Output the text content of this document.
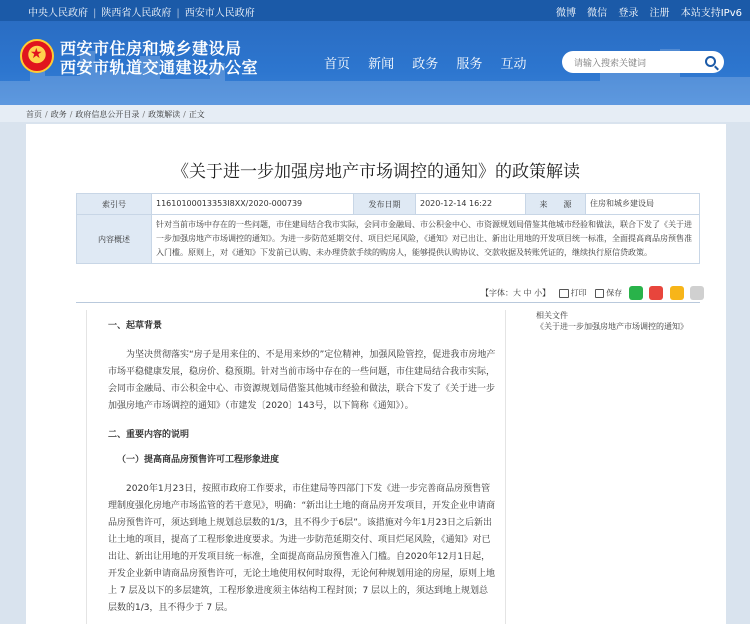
中央人民政府 | 陕西省人民政府 | 西安市人民政府	微博 微信 登录 注册 本站支持IPv6
★
西安市住房和城乡建设局
西安市轨道交通建设办公室	首页 新闻 政务 服务 互动
请输入搜索关键词
首页 / 政务 / 政府信息公开目录 / 政策解读 / 正文
《关于进一步加强房地产市场调控的通知》的政策解读
索引号	11610100013353I8XX/2020-000739	发布日期	2020-12-14 16:22	来　　源	住房和城乡建设局
内容概述	针对当前市场中存在的一些问题，市住建局结合我市实际，会同市金融局、市公积金中心、市资源规划局借鉴其他城市经验和做法，联合下发了《关于进一步加强房地产市场调控的通知》。为进一步防范延期交付、项目烂尾风险，《通知》对已出让、新出让用地的开发项目统一标准，全面提高商品房预售准入门槛。原则上，对《通知》下发前已认购、未办理贷款手续的购房人，能够提供认购协议、交款收据及转账凭证的，继续执行原信贷政策。				
【字体：大 中 小】	打印 保存
相关文件
《关于进一步加强房地产市场调控的通知》

一、起草背景

为坚决贯彻落实“房子是用来住的、不是用来炒的”定位精神，加强风险管控，促进我市房地产市场平稳健康发展，稳房价、稳预期。针对当前市场中存在的一些问题，市住建局结合我市实际，会同市金融局、市公积金中心、市资源规划局借鉴其他城市经验和做法，联合下发了《关于进一步加强房地产市场调控的通知》（市建发〔2020〕143号，以下简称《通知》）。

二、重要内容的说明

（一）提高商品房预售许可工程形象进度

2020年1月23日，按照市政府工作要求，市住建局等四部门下发《进一步完善商品房预售管理制度强化房地产市场监管的若干意见》，明确：“新出让土地的商品房开发项目，开发企业申请商品房预售许可，须达到地上规划总层数的1/3，且不得少于6层”。该措施对今年1月23日之后新出让土地的项目，提高了工程形象进度要求。为进一步防范延期交付、项目烂尾风险，《通知》对已出让、新出让用地的开发项目统一标准，全面提高商品房预售准入门槛。自2020年12月1日起，开发企业新申请商品房预售许可，无论土地使用权何时取得，无论何种规划用途的房屋，原则上地上 7 层及以下的多层建筑，工程形象进度须主体结构工程封顶；7 层以上的，须达到地上规划总层数的1/3，且不得少于 7 层。
